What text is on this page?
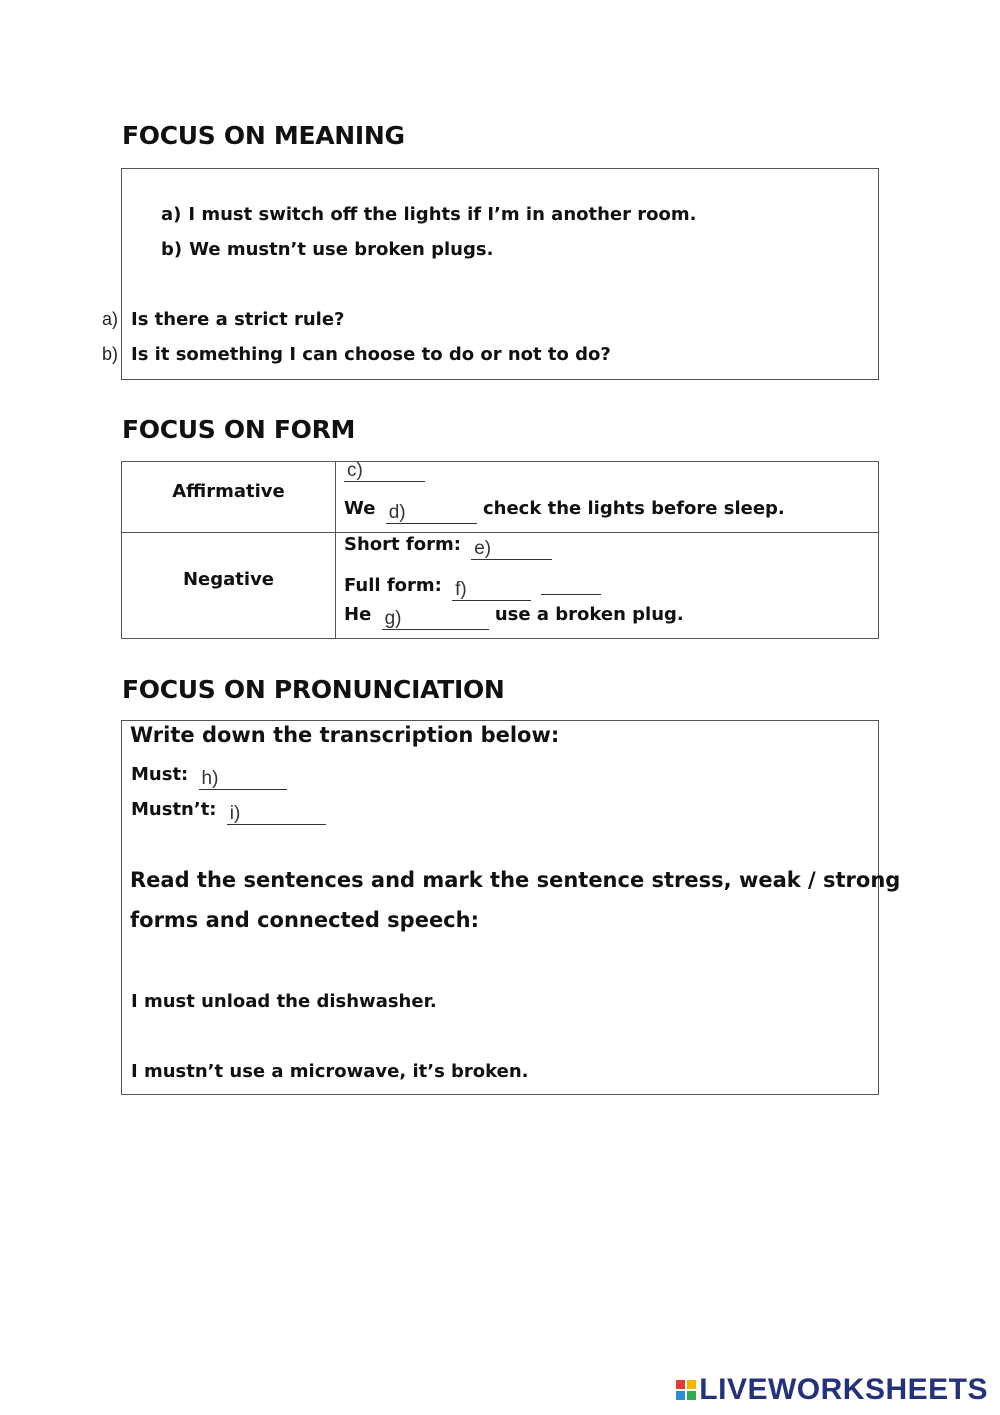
FOCUS ON MEANING
a) I must switch off the lights if I’m in another room.
b) We mustn’t use broken plugs.
a) Is there a strict rule?
b) Is it something I can choose to do or not to do?
FOCUS ON FORM
Affirmative
Negative
c)
We d)	check the lights before sleep.
Short form: e)
Full form: f)
He g)	use a broken plug.
FOCUS ON PRONUNCIATION
Write down the transcription below:
Must: h)
Mustn’t: i)
Read the sentences and mark the sentence stress, weak / strong
forms and connected speech:
I must unload the dishwasher.
I mustn’t use a microwave, it’s broken.
LIVEWORKSHEETS
